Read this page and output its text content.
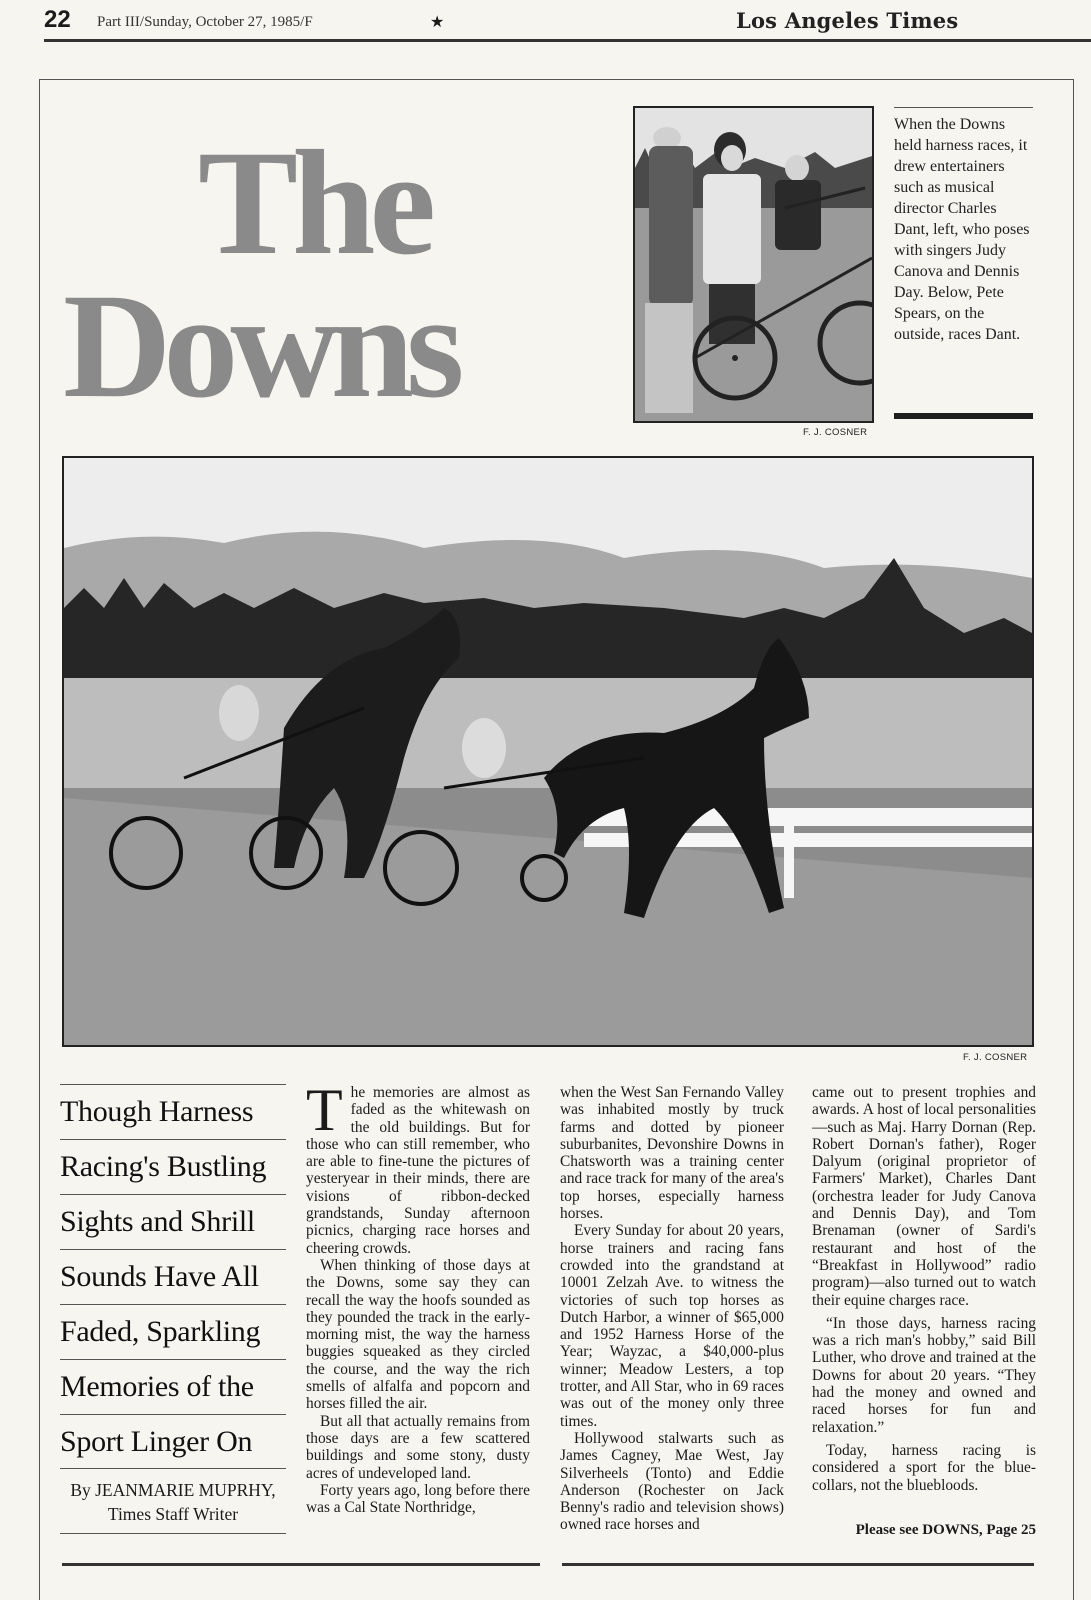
22 Part III/Sunday, October 27, 1985/F	★	Los Angeles Times
The
Downs
F. J. COSNER
When the Downs held harness races, it drew entertainers such as musical director Charles Dant, left, who poses with singers Judy Canova and Dennis Day. Below, Pete Spears, on the outside, races Dant.
F. J. COSNER
Though Harness
Racing's Bustling
Sights and Shrill
Sounds Have All
Faded, Sparkling
Memories of the
Sport Linger On
By JEANMARIE MUPRHY,
Times Staff Writer

The memories are almost as faded as the whitewash on the old buildings. But for those who can still remember, who are able to fine-tune the pictures of yesteryear in their minds, there are visions of ribbon-decked grandstands, Sunday afternoon picnics, charging race horses and cheering crowds.

When thinking of those days at the Downs, some say they can recall the way the hoofs sounded as they pounded the track in the early-morning mist, the way the harness buggies squeaked as they circled the course, and the way the rich smells of alfalfa and popcorn and horses filled the air.

But all that actually remains from those days are a few scattered buildings and some stony, dusty acres of undeveloped land.

Forty years ago, long before there was a Cal State Northridge,

when the West San Fernando Valley was inhabited mostly by truck farms and dotted by pioneer suburbanites, Devonshire Downs in Chatsworth was a training center and race track for many of the area's top horses, especially harness horses.

Every Sunday for about 20 years, horse trainers and racing fans crowded into the grandstand at 10001 Zelzah Ave. to witness the victories of such top horses as Dutch Harbor, a winner of $65,000 and 1952 Harness Horse of the Year; Wayzac, a $40,000-plus winner; Meadow Lesters, a top trotter, and All Star, who in 69 races was out of the money only three times.

Hollywood stalwarts such as James Cagney, Mae West, Jay Silverheels (Tonto) and Eddie Anderson (Rochester on Jack Benny's radio and television shows) owned race horses and

came out to present trophies and awards. A host of local personalities—such as Maj. Harry Dornan (Rep. Robert Dornan's father), Roger Dalyum (original proprietor of Farmers' Market), Charles Dant (orchestra leader for Judy Canova and Dennis Day), and Tom Brenaman (owner of Sardi's restaurant and host of the “Breakfast in Hollywood” radio program)—also turned out to watch their equine charges race.

“In those days, harness racing was a rich man's hobby,” said Bill Luther, who drove and trained at the Downs for about 20 years. “They had the money and owned and raced horses for fun and relaxation.”

Today, harness racing is considered a sport for the blue-collars, not the bluebloods.

Please see DOWNS, Page 25
